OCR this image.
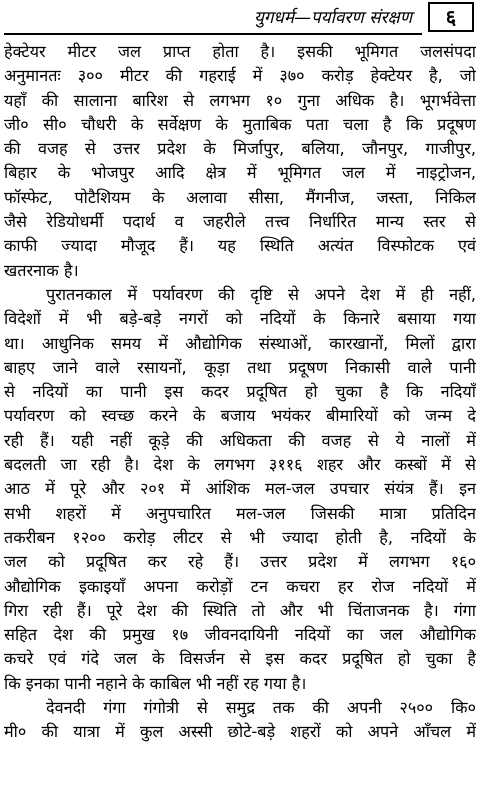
युगधर्म—पर्यावरण संरक्षण	६
हेक्टेयर मीटर जल प्राप्त होता है। इसकी भूमिगत जलसंपदा
अनुमानतः ३०० मीटर की गहराई में ३७० करोड़ हेक्टेयर है, जो
यहाँ की सालाना बारिश से लगभग १० गुना अधिक है। भूगर्भवेत्ता
जी० सी० चौधरी के सर्वेक्षण के मुताबिक पता चला है कि प्रदूषण
की वजह से उत्तर प्रदेश के मिर्जापुर, बलिया, जौनपुर, गाजीपुर,
बिहार के भोजपुर आदि क्षेत्र में भूमिगत जल में नाइट्रोजन,
फॉस्फेट, पोटैशियम के अलावा सीसा, मैंगनीज, जस्ता, निकिल
जैसे रेडियोधर्मी पदार्थ व जहरीले तत्त्व निर्धारित मान्य स्तर से
काफी ज्यादा मौजूद हैं। यह स्थिति अत्यंत विस्फोटक एवं
खतरनाक है।
पुरातनकाल में पर्यावरण की दृष्टि से अपने देश में ही नहीं,
विदेशों में भी बड़े-बड़े नगरों को नदियों के किनारे बसाया गया
था। आधुनिक समय में औद्योगिक संस्थाओं, कारखानों, मिलों द्वारा
बाहए जाने वाले रसायनों, कूड़ा तथा प्रदूषण निकासी वाले पानी
से नदियों का पानी इस कदर प्रदूषित हो चुका है कि नदियाँ
पर्यावरण को स्वच्छ करने के बजाय भयंकर बीमारियों को जन्म दे
रही हैं। यही नहीं कूड़े की अधिकता की वजह से ये नालों में
बदलती जा रही है। देश के लगभग ३११६ शहर और कस्बों में से
आठ में पूरे और २०१ में आंशिक मल-जल उपचार संयंत्र हैं। इन
सभी शहरों में अनुपचारित मल-जल जिसकी मात्रा प्रतिदिन
तकरीबन १२०० करोड़ लीटर से भी ज्यादा होती है, नदियों के
जल को प्रदूषित कर रहे हैं। उत्तर प्रदेश में लगभग १६०
औद्योगिक इकाइयाँ अपना करोड़ों टन कचरा हर रोज नदियों में
गिरा रही हैं। पूरे देश की स्थिति तो और भी चिंताजनक है। गंगा
सहित देश की प्रमुख १७ जीवनदायिनी नदियों का जल औद्योगिक
कचरे एवं गंदे जल के विसर्जन से इस कदर प्रदूषित हो चुका है
कि इनका पानी नहाने के काबिल भी नहीं रह गया है।
देवनदी गंगा गंगोत्री से समुद्र तक की अपनी २५०० कि०
मी० की यात्रा में कुल अस्सी छोटे-बड़े शहरों को अपने आँचल में
